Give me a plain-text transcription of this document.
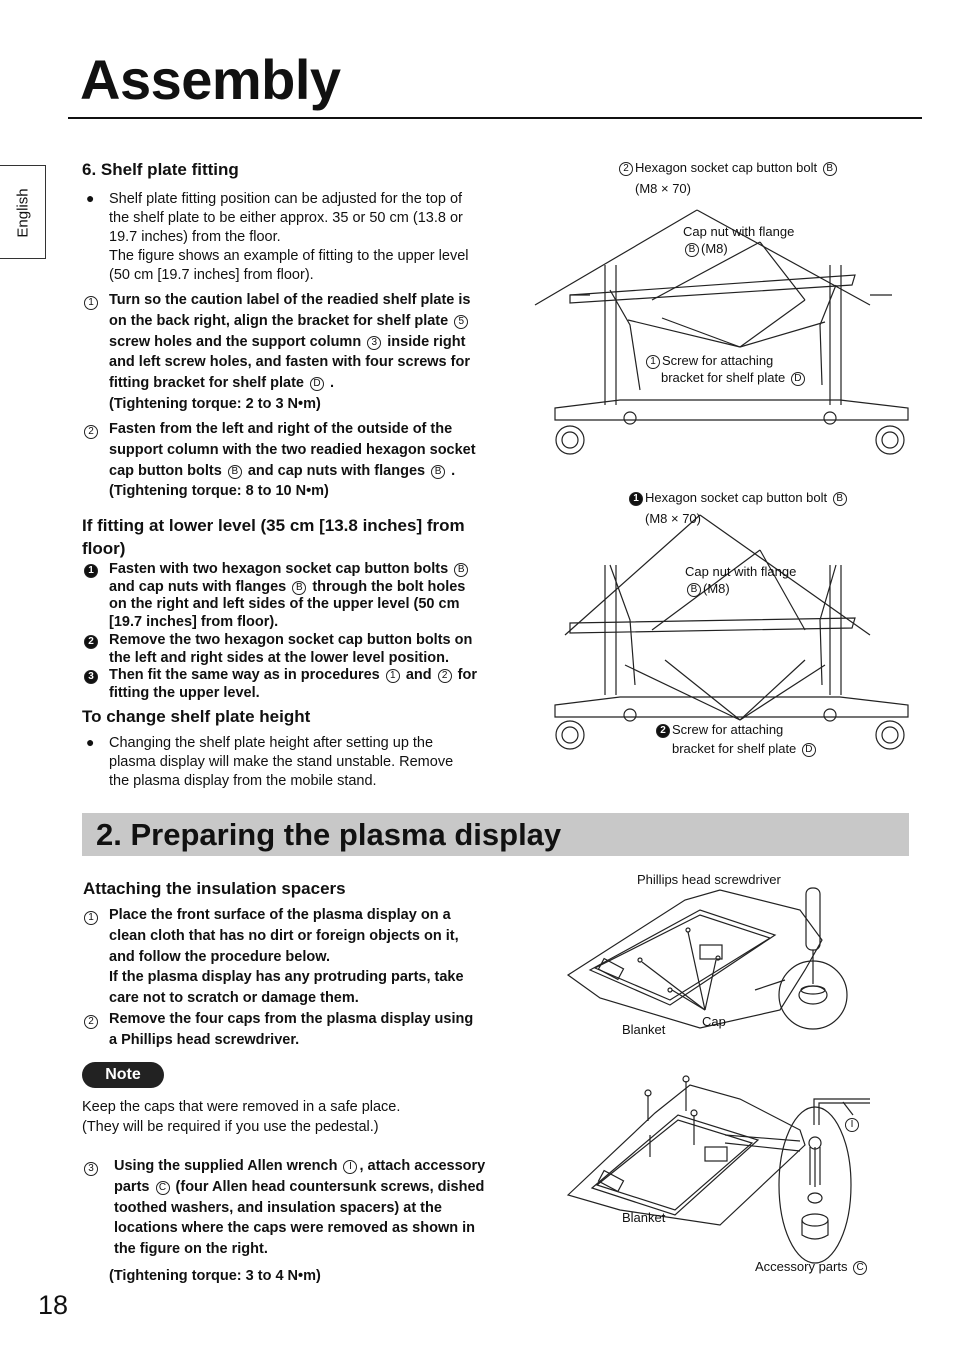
Assembly
English
6. Shelf plate fitting
● Shelf plate fitting position can be adjusted for the top of
the shelf plate to be either approx. 35 or 50 cm (13.8 or
19.7 inches) from the floor.
The figure shows an example of fitting to the upper level
(50 cm [19.7 inches] from floor).
1	Turn so the caution label of the readied shelf plate is
on the back right, align the bracket for shelf plate 5
screw holes and the support column 3 inside right
and left screw holes, and fasten with four screws for
fitting bracket for shelf plate D .
(Tightening torque: 2 to 3 N•m)
2	Fasten from the left and right of the outside of the
support column with the two readied hexagon socket
cap button bolts B and cap nuts with flanges B .
(Tightening torque: 8 to 10 N•m)
If fitting at lower level (35 cm [13.8 inches] from
floor)
1	Fasten with two hexagon socket cap button bolts B
and cap nuts with flanges B through the bolt holes
on the right and left sides of the upper level (50 cm
[19.7 inches] from floor).
2	Remove the two hexagon socket cap button bolts on
the left and right sides at the lower level position.
3	Then fit the same way as in procedures 1 and 2 for
fitting the upper level.
To change shelf plate height
● Changing the shelf plate height after setting up the
plasma display will make the stand unstable. Remove
the plasma display from the mobile stand.
2 Hexagon socket cap button bolt B
(M8 × 70)
Cap nut with flange
B (M8)
1 Screw for attaching
bracket for shelf plate D
1 Hexagon socket cap button bolt B
(M8 × 70)
Cap nut with flange
B (M8)
2 Screw for attaching
bracket for shelf plate D
2. Preparing the plasma display
Attaching the insulation spacers
1	Place the front surface of the plasma display on a
clean cloth that has no dirt or foreign objects on it,
and follow the procedure below.
If the plasma display has any protruding parts, take
care not to scratch or damage them.
2	Remove the four caps from the plasma display using
a Phillips head screwdriver.
Note
Keep the caps that were removed in a safe place.
(They will be required if you use the pedestal.)
3	Using the supplied Allen wrench I , attach accessory
parts C (four Allen head countersunk screws, dished
toothed washers, and insulation spacers) at the
locations where the caps were removed as shown in
the figure on the right.
(Tightening torque: 3 to 4 N•m)
Phillips head screwdriver
Blanket
Cap
Blanket
I
Accessory parts C
18
